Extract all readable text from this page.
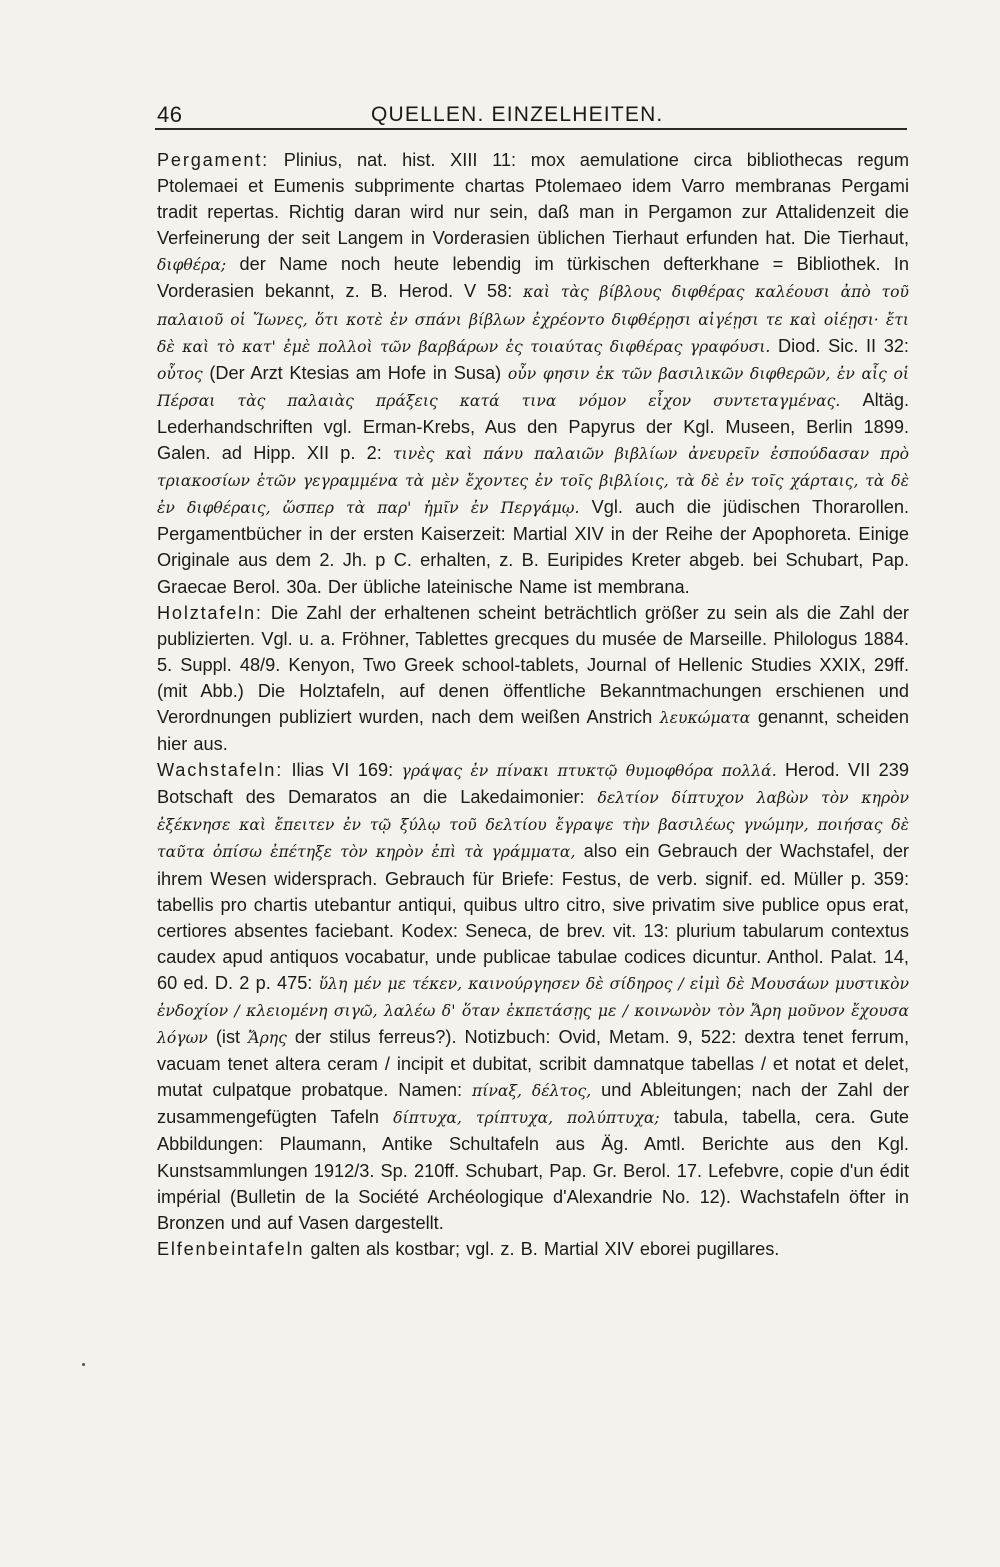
46	QUELLEN. EINZELHEITEN.

Pergament: Plinius, nat. hist. XIII 11: mox aemulatione circa bibliothecas regum Ptolemaei et Eumenis subprimente chartas Ptolemaeo idem Varro membranas Pergami tradit repertas. Richtig daran wird nur sein, daß man in Pergamon zur Attalidenzeit die Verfeinerung der seit Langem in Vorderasien üblichen Tierhaut erfunden hat. Die Tierhaut, διφθέρα; der Name noch heute lebendig im türkischen defterkhane = Bibliothek. In Vorderasien bekannt, z. B. Herod. V 58: καὶ τὰς βίβλους διφθέρας καλέουσι ἀπὸ τοῦ παλαιοῦ οἱ Ἴωνες, ὅτι κοτὲ ἐν σπάνι βίβλων ἐχρέοντο διφθέρῃσι αἰγέῃσι τε καὶ οἰέῃσι· ἔτι δὲ καὶ τὸ κατ' ἐμὲ πολλοὶ τῶν βαρβάρων ἐς τοιαύτας διφθέρας γραφόυσι. Diod. Sic. II 32: οὗτος (Der Arzt Ktesias am Hofe in Susa) οὖν φησιν ἐκ τῶν βασιλικῶν διφθερῶν, ἐν αἷς οἱ Πέρσαι τὰς παλαιὰς πράξεις κατά τινα νόμον εἶχον συντεταγμένας. Altäg. Lederhandschriften vgl. Erman-Krebs, Aus den Papyrus der Kgl. Museen, Berlin 1899. Galen. ad Hipp. XII p. 2: τινὲς καὶ πάνυ παλαιῶν βιβλίων ἀνευρεῖν ἐσπούδασαν πρὸ τριακοσίων ἐτῶν γεγραμμένα τὰ μὲν ἔχοντες ἐν τοῖς βιβλίοις, τὰ δὲ ἐν τοῖς χάρταις, τὰ δὲ ἐν διφθέραις, ὥσπερ τὰ παρ' ἡμῖν ἐν Περγάμῳ. Vgl. auch die jüdischen Thorarollen. Pergamentbücher in der ersten Kaiserzeit: Martial XIV in der Reihe der Apophoreta. Einige Originale aus dem 2. Jh. p C. erhalten, z. B. Euripides Kreter abgeb. bei Schubart, Pap. Graecae Berol. 30a. Der übliche lateinische Name ist membrana.

Holztafeln: Die Zahl der erhaltenen scheint beträchtlich größer zu sein als die Zahl der publizierten. Vgl. u. a. Fröhner, Tablettes grecques du musée de Marseille. Philologus 1884. 5. Suppl. 48/9. Kenyon, Two Greek school-tablets, Journal of Hellenic Studies XXIX, 29ff. (mit Abb.) Die Holztafeln, auf denen öffentliche Bekanntmachungen erschienen und Verordnungen publiziert wurden, nach dem weißen Anstrich λευκώματα genannt, scheiden hier aus.

Wachstafeln: Ilias VI 169: γράψας ἐν πίνακι πτυκτῷ θυμοφθόρα πολλά. Herod. VII 239 Botschaft des Demaratos an die Lakedaimonier: δελτίον δίπτυχον λαβὼν τὸν κηρὸν ἐξέκνησε καὶ ἔπειτεν ἐν τῷ ξύλῳ τοῦ δελτίου ἔγραψε τὴν βασιλέως γνώμην, ποιήσας δὲ ταῦτα ὀπίσω ἐπέτηξε τὸν κηρὸν ἐπὶ τὰ γράμματα, also ein Gebrauch der Wachstafel, der ihrem Wesen widersprach. Gebrauch für Briefe: Festus, de verb. signif. ed. Müller p. 359: tabellis pro chartis utebantur antiqui, quibus ultro citro, sive privatim sive publice opus erat, certiores absentes faciebant. Kodex: Seneca, de brev. vit. 13: plurium tabularum contextus caudex apud antiquos vocabatur, unde publicae tabulae codices dicuntur. Anthol. Palat. 14, 60 ed. D. 2 p. 475: ὕλη μέν με τέκεν, καινούργησεν δὲ σίδηρος / εἰμὶ δὲ Μουσάων μυστικὸν ἐνδοχίον / κλειομένη σιγῶ, λαλέω δ' ὅταν ἐκπετάσῃς με / κοινωνὸν τὸν Ἄρη μοῦνον ἔχουσα λόγων (ist Ἄρης der stilus ferreus?). Notizbuch: Ovid, Metam. 9, 522: dextra tenet ferrum, vacuam tenet altera ceram / incipit et dubitat, scribit damnatque tabellas / et notat et delet, mutat culpatque probatque. Namen: πίναξ, δέλτος, und Ableitungen; nach der Zahl der zusammengefügten Tafeln δίπτυχα, τρίπτυχα, πολύπτυχα; tabula, tabella, cera. Gute Abbildungen: Plaumann, Antike Schultafeln aus Äg. Amtl. Berichte aus den Kgl. Kunstsammlungen 1912/3. Sp. 210ff. Schubart, Pap. Gr. Berol. 17. Lefebvre, copie d'un édit impérial (Bulletin de la Société Archéologique d'Alexandrie No. 12). Wachstafeln öfter in Bronzen und auf Vasen dargestellt.

Elfenbeintafeln galten als kostbar; vgl. z. B. Martial XIV eborei pugillares.
